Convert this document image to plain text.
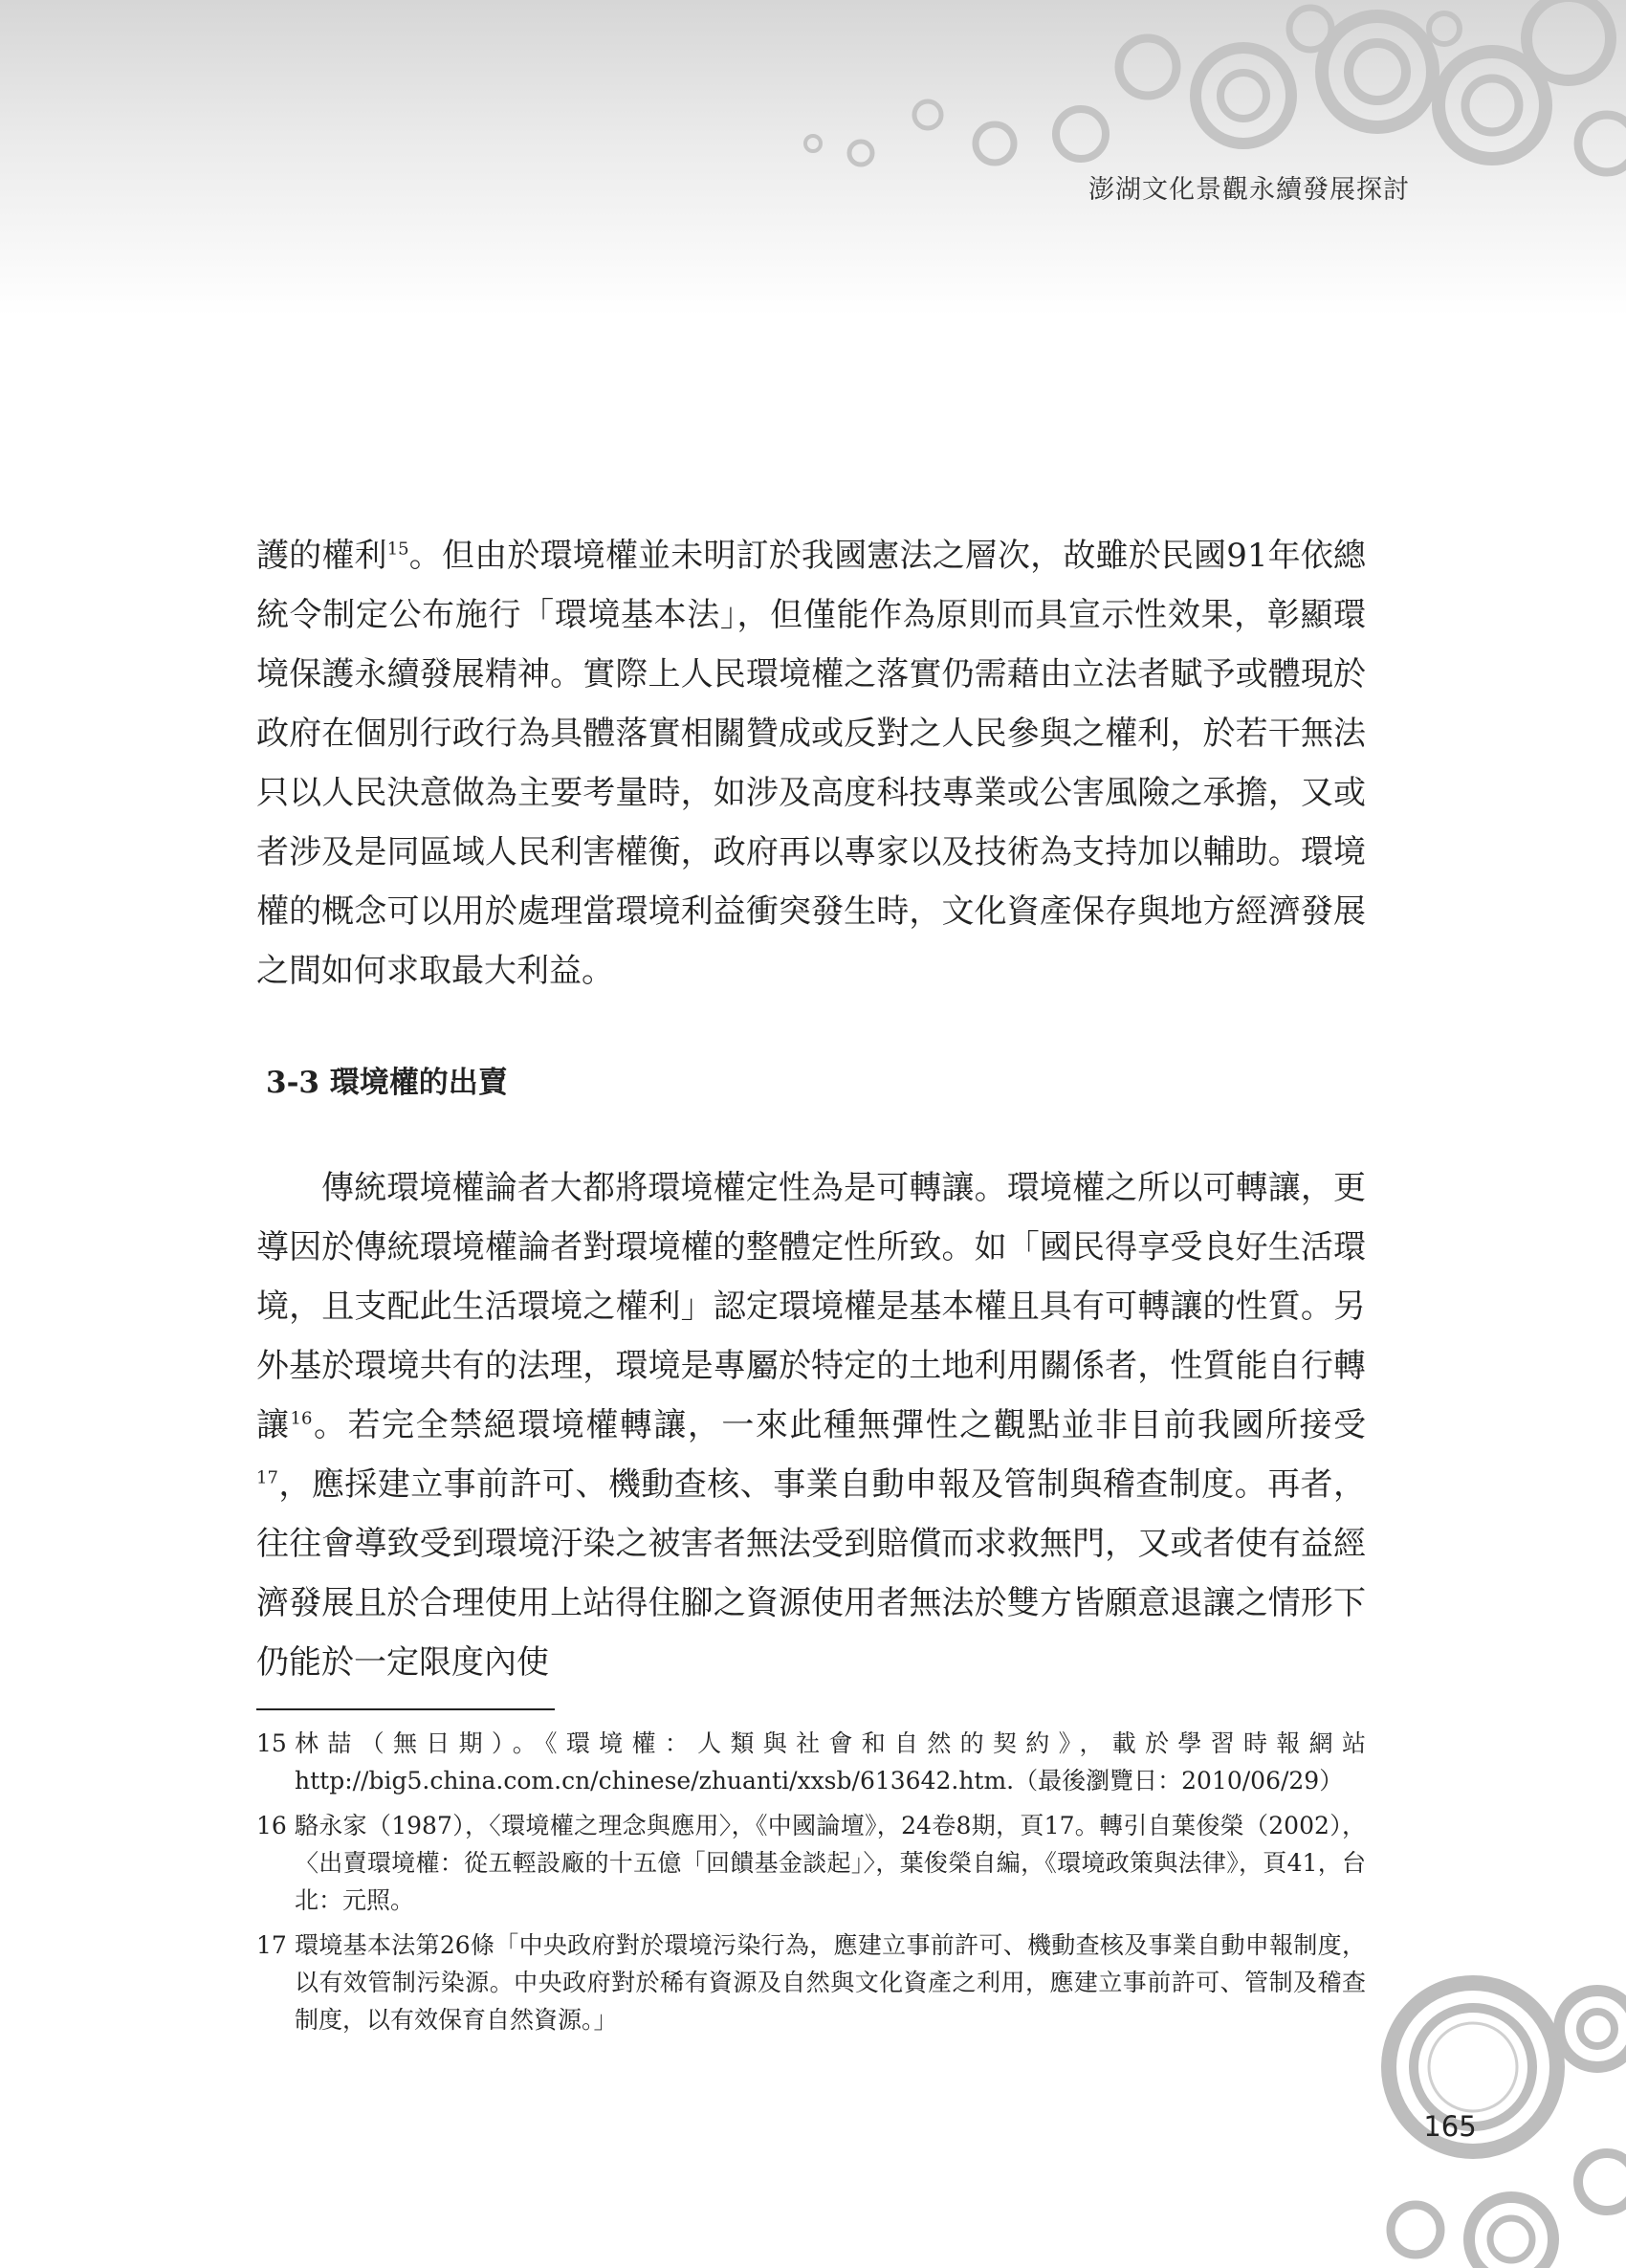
澎湖文化景觀永續發展探討

護的權利$^{15}$。但由於環境權並未明訂於我國憲法之層次，故雖於民國91年依總統令制定公布施行「環境基本法」，但僅能作為原則而具宣示性效果，彰顯環境保護永續發展精神。實際上人民環境權之落實仍需藉由立法者賦予或體現於政府在個別行政行為具體落實相關贊成或反對之人民參與之權利，於若干無法只以人民決意做為主要考量時，如涉及高度科技專業或公害風險之承擔，又或者涉及是同區域人民利害權衡，政府再以專家以及技術為支持加以輔助。環境權的概念可以用於處理當環境利益衝突發生時，文化資產保存與地方經濟發展之間如何求取最大利益。

3-3 環境權的出賣

傳統環境權論者大都將環境權定性為是可轉讓。環境權之所以可轉讓，更導因於傳統環境權論者對環境權的整體定性所致。如「國民得享受良好生活環境，且支配此生活環境之權利」認定環境權是基本權且具有可轉讓的性質。另外基於環境共有的法理，環境是專屬於特定的土地利用關係者，性質能自行轉讓$^{16}$。若完全禁絕環境權轉讓，一來此種無彈性之觀點並非目前我國所接受$^{17}$，應採建立事前許可、機動查核、事業自動申報及管制與稽查制度。再者，往往會導致受到環境汙染之被害者無法受到賠償而求救無門，又或者使有益經濟發展且於合理使用上站得住腳之資源使用者無法於雙方皆願意退讓之情形下仍能於一定限度內使

15 林喆（無日期）。《環境權：人類與社會和自然的契約》，載於學習時報網站http://big5.china.com.cn/chinese/zhuanti/xxsb/613642.htm.（最後瀏覽日：2010/06/29）

16 駱永家（1987），〈環境權之理念與應用〉，《中國論壇》，24卷8期，頁17。轉引自葉俊榮（2002），〈出賣環境權：從五輕設廠的十五億「回饋基金談起」〉，葉俊榮自編，《環境政策與法律》，頁41，台北：元照。

17 環境基本法第26條「中央政府對於環境污染行為，應建立事前許可、機動查核及事業自動申報制度，以有效管制污染源。中央政府對於稀有資源及自然與文化資產之利用，應建立事前許可、管制及稽查制度，以有效保育自然資源。」

165
